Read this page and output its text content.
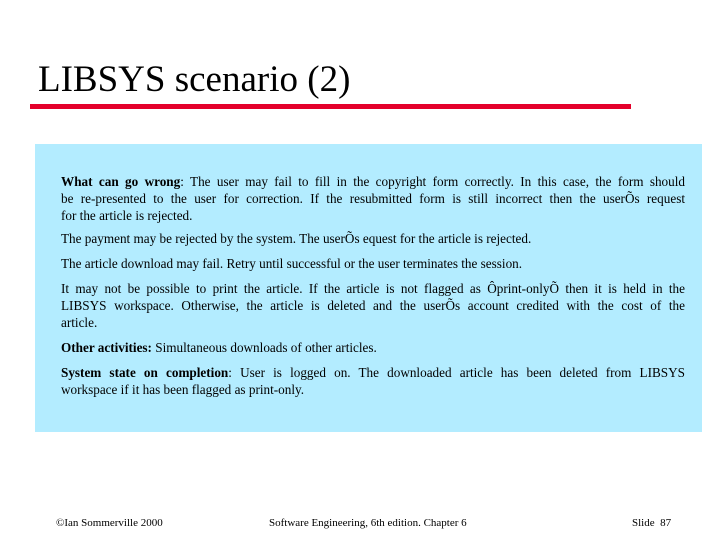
LIBSYS scenario (2)
What can go wrong: The user may fail to fill in the copyright form correctly. In this case, the form should
be re-presented to the user for correction. If the resubmitted form is still incorrect then the userÕs request
for the article is rejected.
The payment may be rejected by the system. The userÕs equest for the article is rejected.
The article download may fail. Retry until successful or the user terminates the session.
It may not be possible to print the article. If the article is not flagged as Ôprint-onlyÕ then it is held in the
LIBSYS workspace. Otherwise, the article is deleted and the userÕs account credited with the cost of the
article.
Other activities: Simultaneous downloads of other articles.
System state on completion: User is logged on. The downloaded article has been deleted from LIBSYS
workspace if it has been flagged as print-only.
©Ian Sommerville 2000	Software Engineering, 6th edition. Chapter 6	Slide 87
